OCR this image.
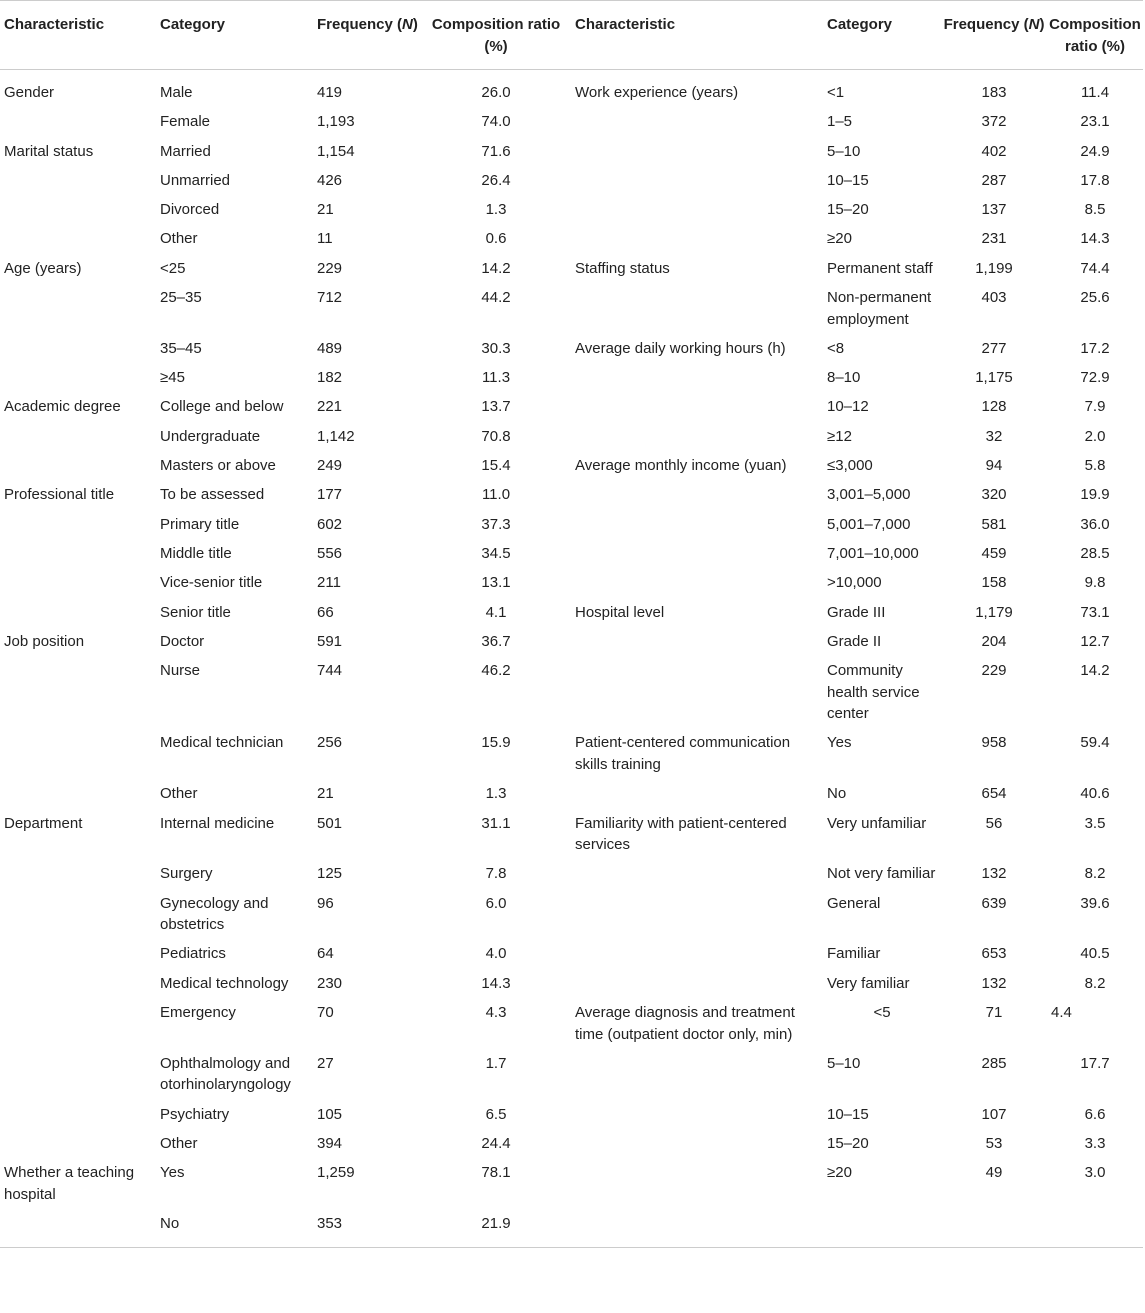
Characteristic	Category	Frequency (N)	Composition ratio (%)	Characteristic	Category	Frequency (N)	Composition ratio (%)
Gender	Male	419	26.0	Work experience (years)	<1	183	11.4
	Female	1,193	74.0		1–5	372	23.1
Marital status	Married	1,154	71.6		5–10	402	24.9
	Unmarried	426	26.4		10–15	287	17.8
	Divorced	21	1.3		15–20	137	8.5
	Other	11	0.6		≥20	231	14.3
Age (years)	<25	229	14.2	Staffing status	Permanent staff	1,199	74.4
	25–35	712	44.2		Non-permanent employment	403	25.6
	35–45	489	30.3	Average daily working hours (h)	<8	277	17.2
	≥45	182	11.3		8–10	1,175	72.9
Academic degree	College and below	221	13.7		10–12	128	7.9
	Undergraduate	1,142	70.8		≥12	32	2.0
	Masters or above	249	15.4	Average monthly income (yuan)	≤3,000	94	5.8
Professional title	To be assessed	177	11.0		3,001–5,000	320	19.9
	Primary title	602	37.3		5,001–7,000	581	36.0
	Middle title	556	34.5		7,001–10,000	459	28.5
	Vice-senior title	211	13.1		>10,000	158	9.8
	Senior title	66	4.1	Hospital level	Grade III	1,179	73.1
Job position	Doctor	591	36.7		Grade II	204	12.7
	Nurse	744	46.2		Community health service center	229	14.2
	Medical technician	256	15.9	Patient-centered communication skills training	Yes	958	59.4
	Other	21	1.3		No	654	40.6
Department	Internal medicine	501	31.1	Familiarity with patient-centered services	Very unfamiliar	56	3.5
	Surgery	125	7.8		Not very familiar	132	8.2
	Gynecology and obstetrics	96	6.0		General	639	39.6
	Pediatrics	64	4.0		Familiar	653	40.5
	Medical technology	230	14.3		Very familiar	132	8.2
	Emergency	70	4.3	Average diagnosis and treatment time (outpatient doctor only, min)	<5	71	4.4
	Ophthalmology and otorhinolaryngology	27	1.7		5–10	285	17.7
	Psychiatry	105	6.5		10–15	107	6.6
	Other	394	24.4		15–20	53	3.3
Whether a teaching hospital	Yes	1,259	78.1		≥20	49	3.0
	No	353	21.9				
